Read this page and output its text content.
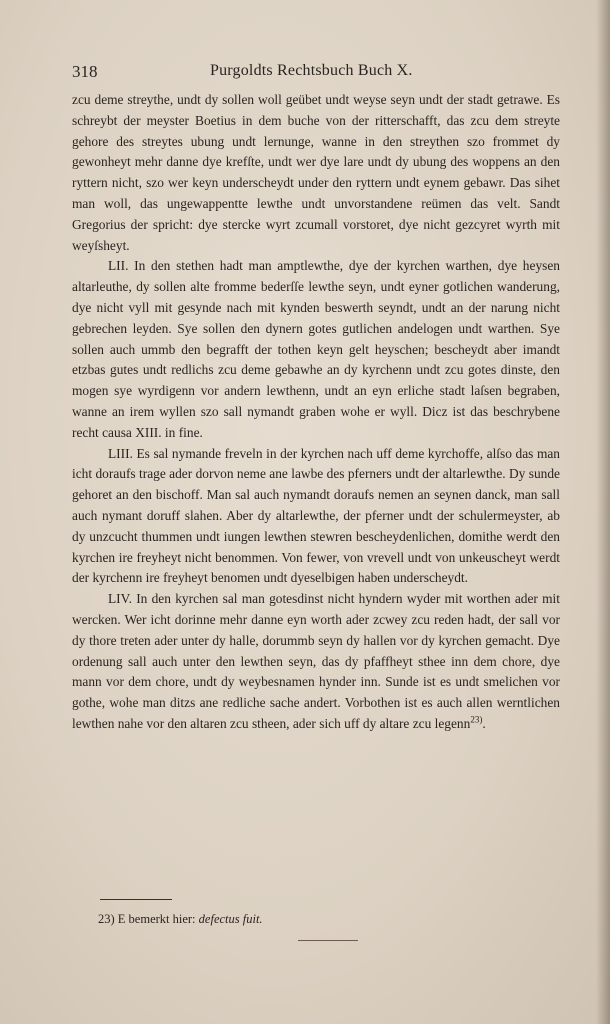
318	Purgoldts Rechtsbuch Buch X.

zcu deme streythe, undt dy sollen woll geübet undt weyse seyn undt der stadt getrawe. Es schreybt der meyster Boetius in dem buche von der ritterschafft, das zcu dem streyte gehore des streytes ubung undt lernunge, wanne in den streythen szo frommet dy gewonheyt mehr danne dye krefſte, undt wer dye lare undt dy ubung des woppens an den ryttern nicht, szo wer keyn underscheydt under den ryttern undt eynem gebawr. Das sihet man woll, das ungewappentte lewthe undt unvorstandene reümen das velt. Sandt Gregorius der spricht: dye stercke wyrt zcumall vorstoret, dye nicht gezcyret wyrth mit weyſsheyt.

LII. In den stethen hadt man amptlewthe, dye der kyrchen warthen, dye heysen altarleuthe, dy sollen alte fromme bederſſe lewthe seyn, undt eyner gotlichen wanderung, dye nicht vyll mit gesynde nach mit kynden beswerth seyndt, undt an der narung nicht gebrechen leyden. Sye sollen den dynern gotes gutlichen andelogen undt warthen. Sye sollen auch ummb den begrafft der tothen keyn gelt heyschen; bescheydt aber imandt etzbas gutes undt redlichs zcu deme gebawhe an dy kyrchenn undt zcu gotes dinste, den mogen sye wyrdigenn vor andern lewthenn, undt an eyn erliche stadt laſsen begraben, wanne an irem wyllen szo sall nymandt graben wohe er wyll. Dicz ist das beschrybene recht causa XIII. in fine.

LIII. Es sal nymande freveln in der kyrchen nach uff deme kyrchoffe, alſso das man icht doraufs trage ader dorvon neme ane lawbe des pferners undt der altarlewthe. Dy sunde gehoret an den bischoff. Man sal auch nymandt doraufs nemen an seynen danck, man sall auch nymant doruff slahen. Aber dy altarlewthe, der pferner undt der schulermeyster, ab dy unzcucht thummen undt iungen lewthen stewren bescheydenlichen, domithe werdt den kyrchen ire freyheyt nicht benommen. Von fewer, von vrevell undt von unkeuscheyt werdt der kyrchenn ire freyheyt benomen undt dyeselbigen haben underscheydt.

LIV. In den kyrchen sal man gotesdinst nicht hyndern wyder mit worthen ader mit wercken. Wer icht dorinne mehr danne eyn worth ader zcwey zcu reden hadt, der sall vor dy thore treten ader unter dy halle, dorummb seyn dy hallen vor dy kyrchen gemacht. Dye ordenung sall auch unter den lewthen seyn, das dy pfaffheyt sthee inn dem chore, dye mann vor dem chore, undt dy weybesnamen hynder inn. Sunde ist es undt smelichen vor gothe, wohe man ditzs ane redliche sache andert. Vorbothen ist es auch allen werntlichen lewthen nahe vor den altaren zcu stheen, ader sich uff dy altare zcu legenn$^{23)}$.

23) E bemerkt hier: defectus fuit.
